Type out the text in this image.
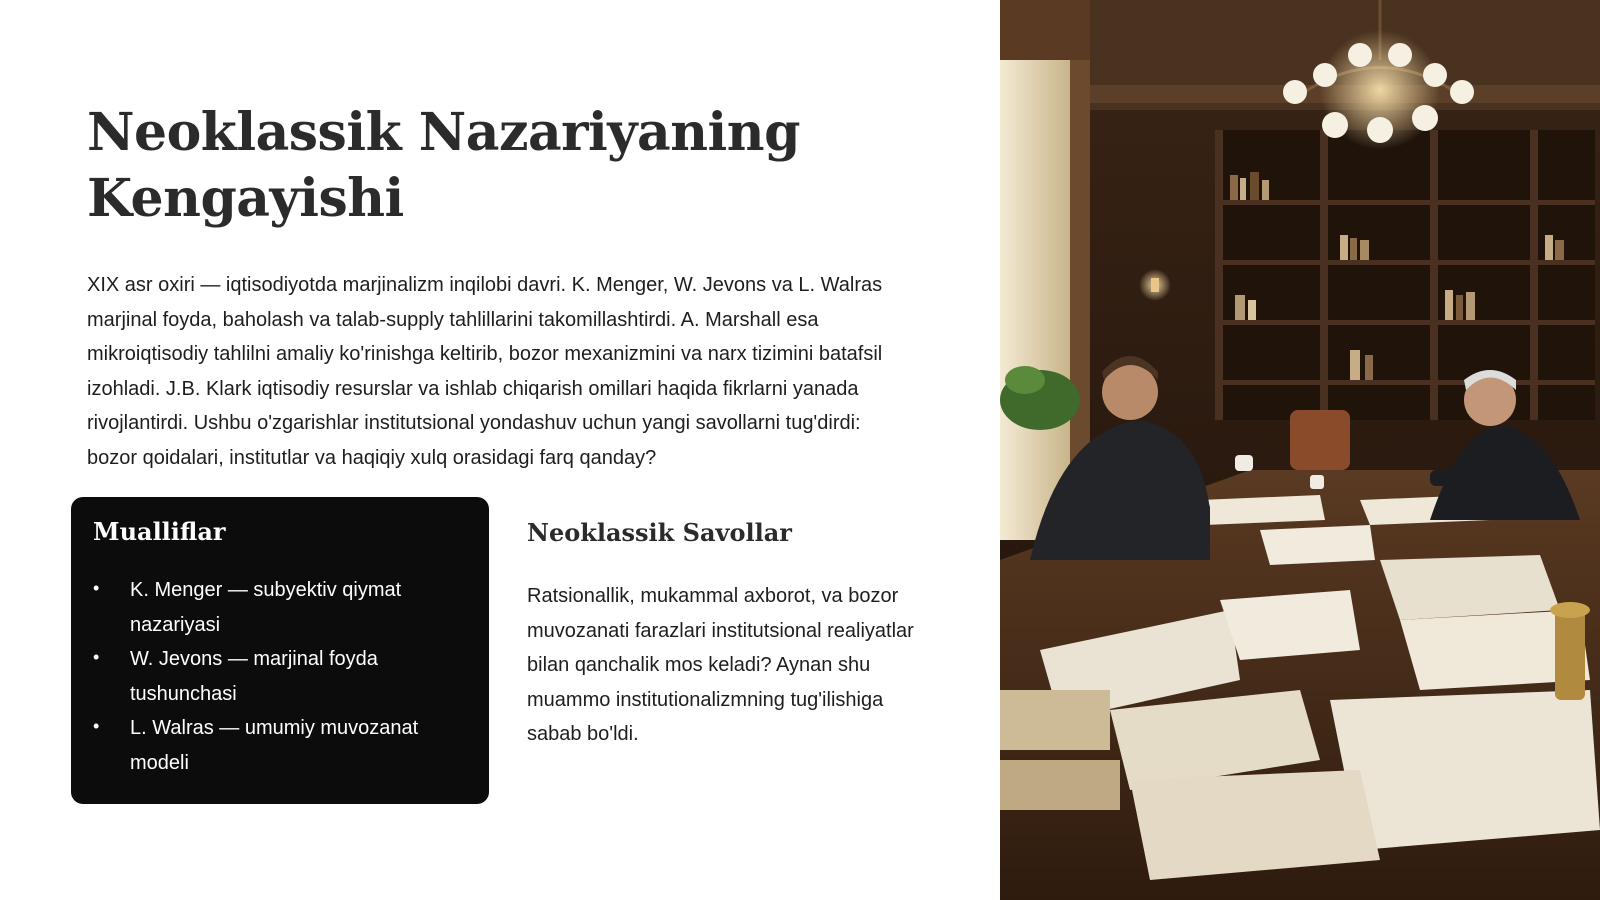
Neoklassik Nazariyaning Kengayishi

XIX asr oxiri — iqtisodiyotda marjinalizm inqilobi davri. K. Menger, W. Jevons va L. Walras marjinal foyda, baholash va talab-supply tahlillarini takomillashtirdi. A. Marshall esa mikroiqtisodiy tahlilni amaliy ko'rinishga keltirib, bozor mexanizmini va narx tizimini batafsil izohladi. J.B. Klark iqtisodiy resurslar va ishlab chiqarish omillari haqida fikrlarni yanada rivojlantirdi. Ushbu o'zgarishlar institutsional yondashuv uchun yangi savollarni tug'dirdi: bozor qoidalari, institutlar va haqiqiy xulq orasidagi farq qanday?

Mualliflar
• K. Menger — subyektiv qiymat nazariyasi
• W. Jevons — marjinal foyda tushunchasi
• L. Walras — umumiy muvozanat modeli
Neoklassik Savollar

Ratsionallik, mukammal axborot, va bozor muvozanati farazlari institutsional realiyatlar bilan qanchalik mos keladi? Aynan shu muammo institutionalizmning tug'ilishiga sabab bo'ldi.
